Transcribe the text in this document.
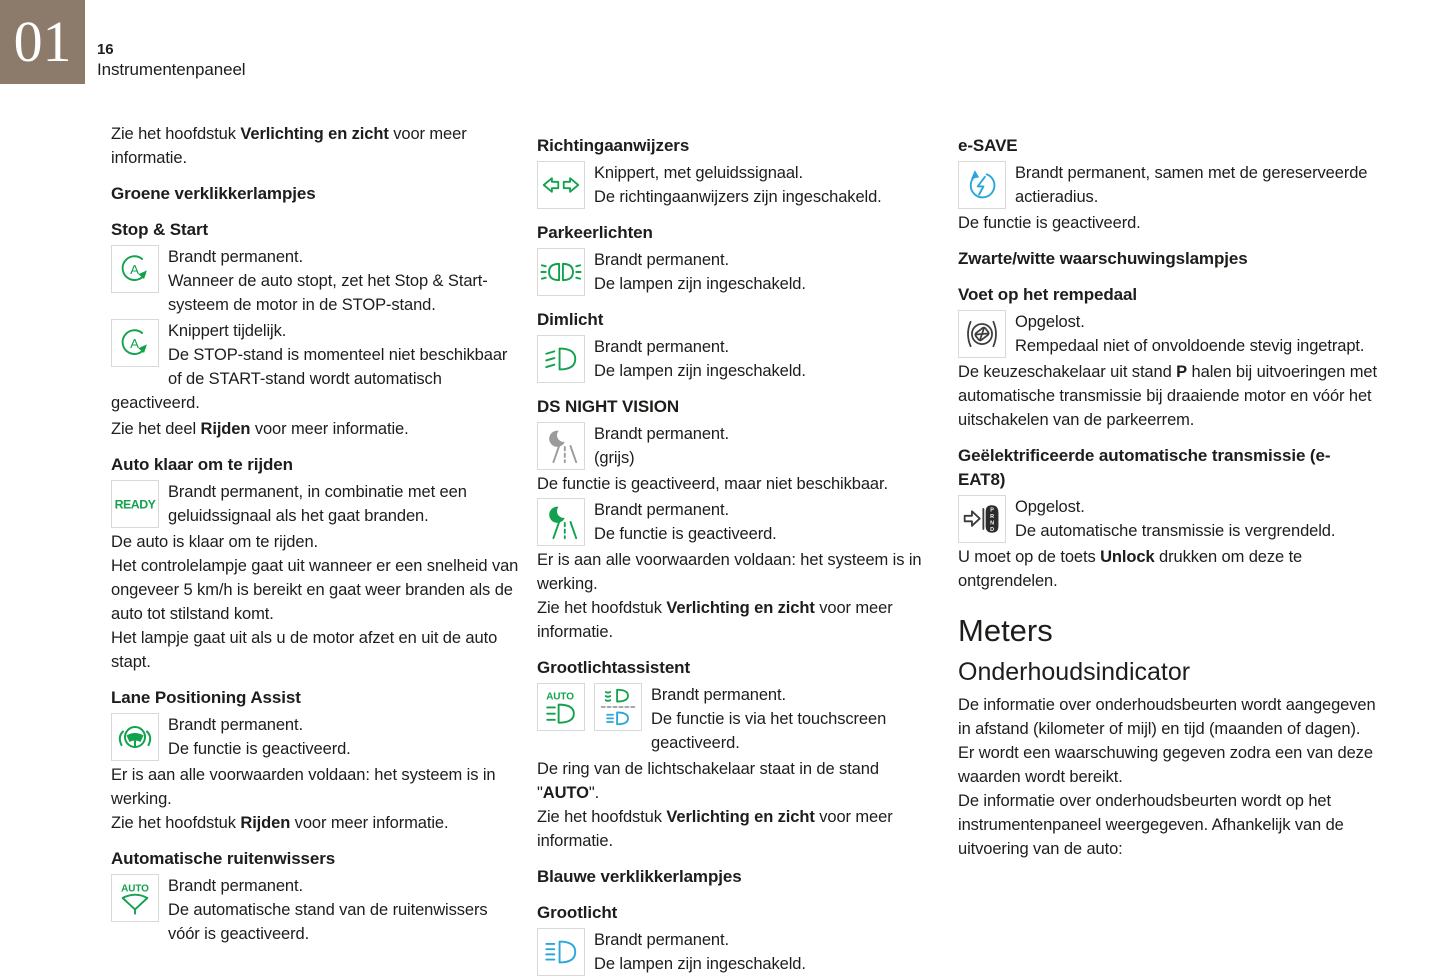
01 16
Instrumentenpaneel

Zie het hoofdstuk Verlichting en zicht voor meer informatie.

Groene verklikkerlampjes
Stop & Start
A

Brandt permanent.

Wanneer de auto stopt, zet het Stop & Start-systeem de motor in de STOP-stand.

A

Knippert tijdelijk.

De STOP-stand is momenteel niet beschikbaar of de START-stand wordt automatisch geactiveerd.

Zie het deel Rijden voor meer informatie.

Auto klaar om te rijden
READY

Brandt permanent, in combinatie met een geluidssignaal als het gaat branden.

De auto is klaar om te rijden.

Het controlelampje gaat uit wanneer er een snelheid van ongeveer 5 km/h is bereikt en gaat weer branden als de auto tot stilstand komt.

Het lampje gaat uit als u de motor afzet en uit de auto stapt.

Lane Positioning Assist

Brandt permanent.

De functie is geactiveerd.

Er is aan alle voorwaarden voldaan: het systeem is in werking.

Zie het hoofdstuk Rijden voor meer informatie.

Automatische ruitenwissers
AUTO	Brandt permanent.

De automatische stand van de ruitenwissers vóór is geactiveerd.

Richtingaanwijzers

Knippert, met geluidssignaal.

De richtingaanwijzers zijn ingeschakeld.

Parkeerlichten

Brandt permanent.

De lampen zijn ingeschakeld.

Dimlicht

Brandt permanent.

De lampen zijn ingeschakeld.

DS NIGHT VISION

Brandt permanent.

(grijs)

De functie is geactiveerd, maar niet beschikbaar.

Brandt permanent.

De functie is geactiveerd.

Er is aan alle voorwaarden voldaan: het systeem is in werking.

Zie het hoofdstuk Verlichting en zicht voor meer informatie.

Grootlichtassistent
AUTO	Brandt permanent.

De functie is via het touchscreen geactiveerd.

De ring van de lichtschakelaar staat in de stand "AUTO".

Zie het hoofdstuk Verlichting en zicht voor meer informatie.

Blauwe verklikkerlampjes
Grootlicht

Brandt permanent.

De lampen zijn ingeschakeld.

e-SAVE

Brandt permanent, samen met de gereserveerde actieradius.

De functie is geactiveerd.

Zwarte/witte waarschuwingslampjes
Voet op het rempedaal

Opgelost.

Rempedaal niet of onvoldoende stevig ingetrapt.

De keuzeschakelaar uit stand P halen bij uitvoeringen met automatische transmissie bij draaiende motor en vóór het uitschakelen van de parkeerrem.

Geëlektrificeerde automatische transmissie (e-EAT8)
P
R
N
D

Opgelost.

De automatische transmissie is vergrendeld.

U moet op de toets Unlock drukken om deze te ontgrendelen.

Meters
Onderhoudsindicator

De informatie over onderhoudsbeurten wordt aangegeven in afstand (kilometer of mijl) en tijd (maanden of dagen).

Er wordt een waarschuwing gegeven zodra een van deze waarden wordt bereikt.

De informatie over onderhoudsbeurten wordt op het instrumentenpaneel weergegeven. Afhankelijk van de uitvoering van de auto:
